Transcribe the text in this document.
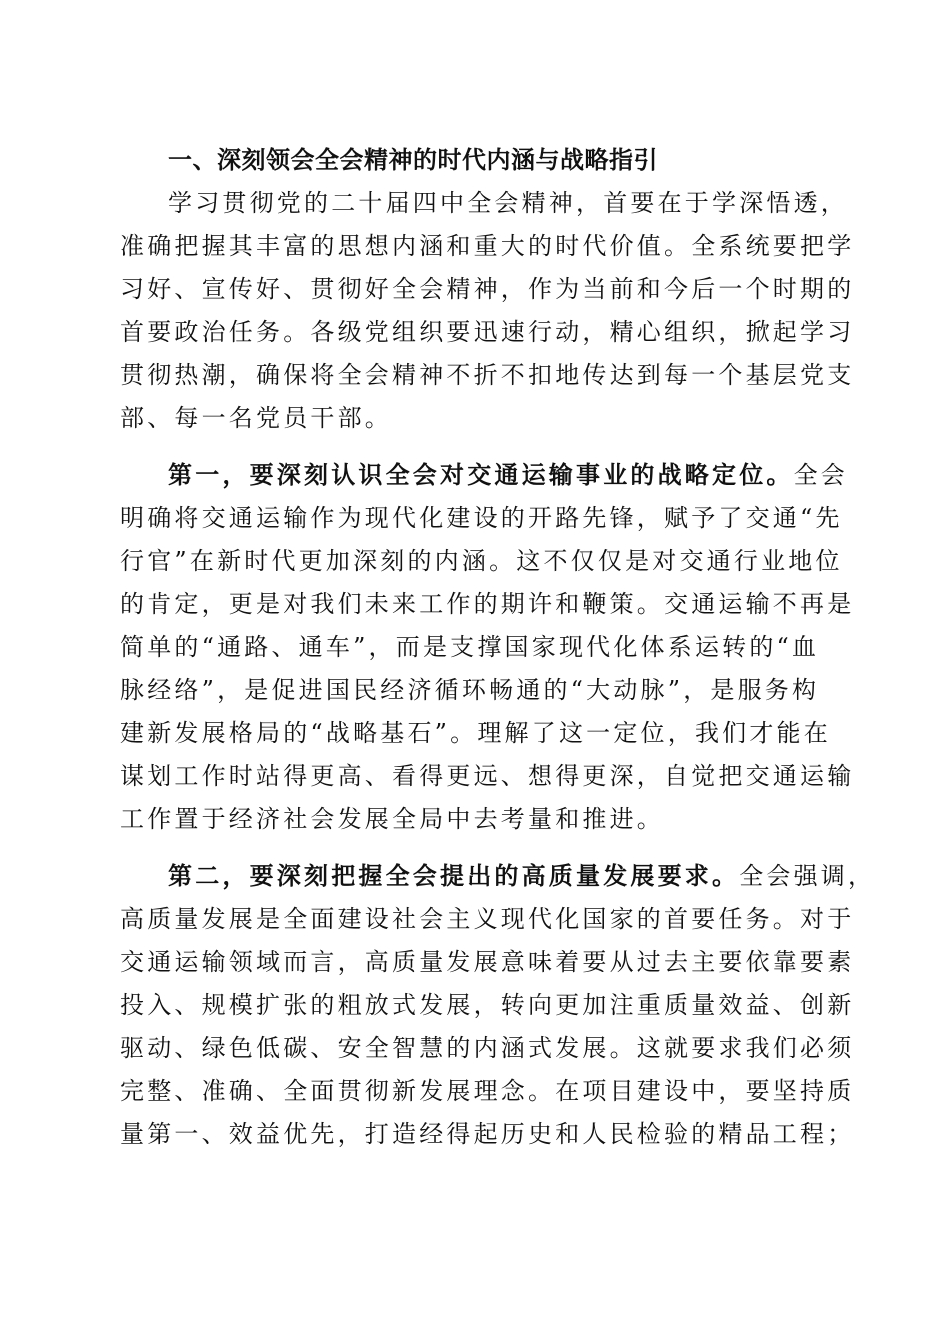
一、深刻领会全会精神的时代内涵与战略指引
学习贯彻党的二十届四中全会精神，首要在于学深悟透，
准确把握其丰富的思想内涵和重大的时代价值。全系统要把学
习好、宣传好、贯彻好全会精神，作为当前和今后一个时期的
首要政治任务。各级党组织要迅速行动，精心组织，掀起学习
贯彻热潮，确保将全会精神不折不扣地传达到每一个基层党支
部、每一名党员干部。
第一，要深刻认识全会对交通运输事业的战略定位。全会
明确将交通运输作为现代化建设的开路先锋，赋予了交通“先
行官”在新时代更加深刻的内涵。这不仅仅是对交通行业地位
的肯定，更是对我们未来工作的期许和鞭策。交通运输不再是
简单的“通路、通车”，而是支撑国家现代化体系运转的“血
脉经络”，是促进国民经济循环畅通的“大动脉”，是服务构
建新发展格局的“战略基石”。理解了这一定位，我们才能在
谋划工作时站得更高、看得更远、想得更深，自觉把交通运输
工作置于经济社会发展全局中去考量和推进。
第二，要深刻把握全会提出的高质量发展要求。全会强调，
高质量发展是全面建设社会主义现代化国家的首要任务。对于
交通运输领域而言，高质量发展意味着要从过去主要依靠要素
投入、规模扩张的粗放式发展，转向更加注重质量效益、创新
驱动、绿色低碳、安全智慧的内涵式发展。这就要求我们必须
完整、准确、全面贯彻新发展理念。在项目建设中，要坚持质
量第一、效益优先，打造经得起历史和人民检验的精品工程；
